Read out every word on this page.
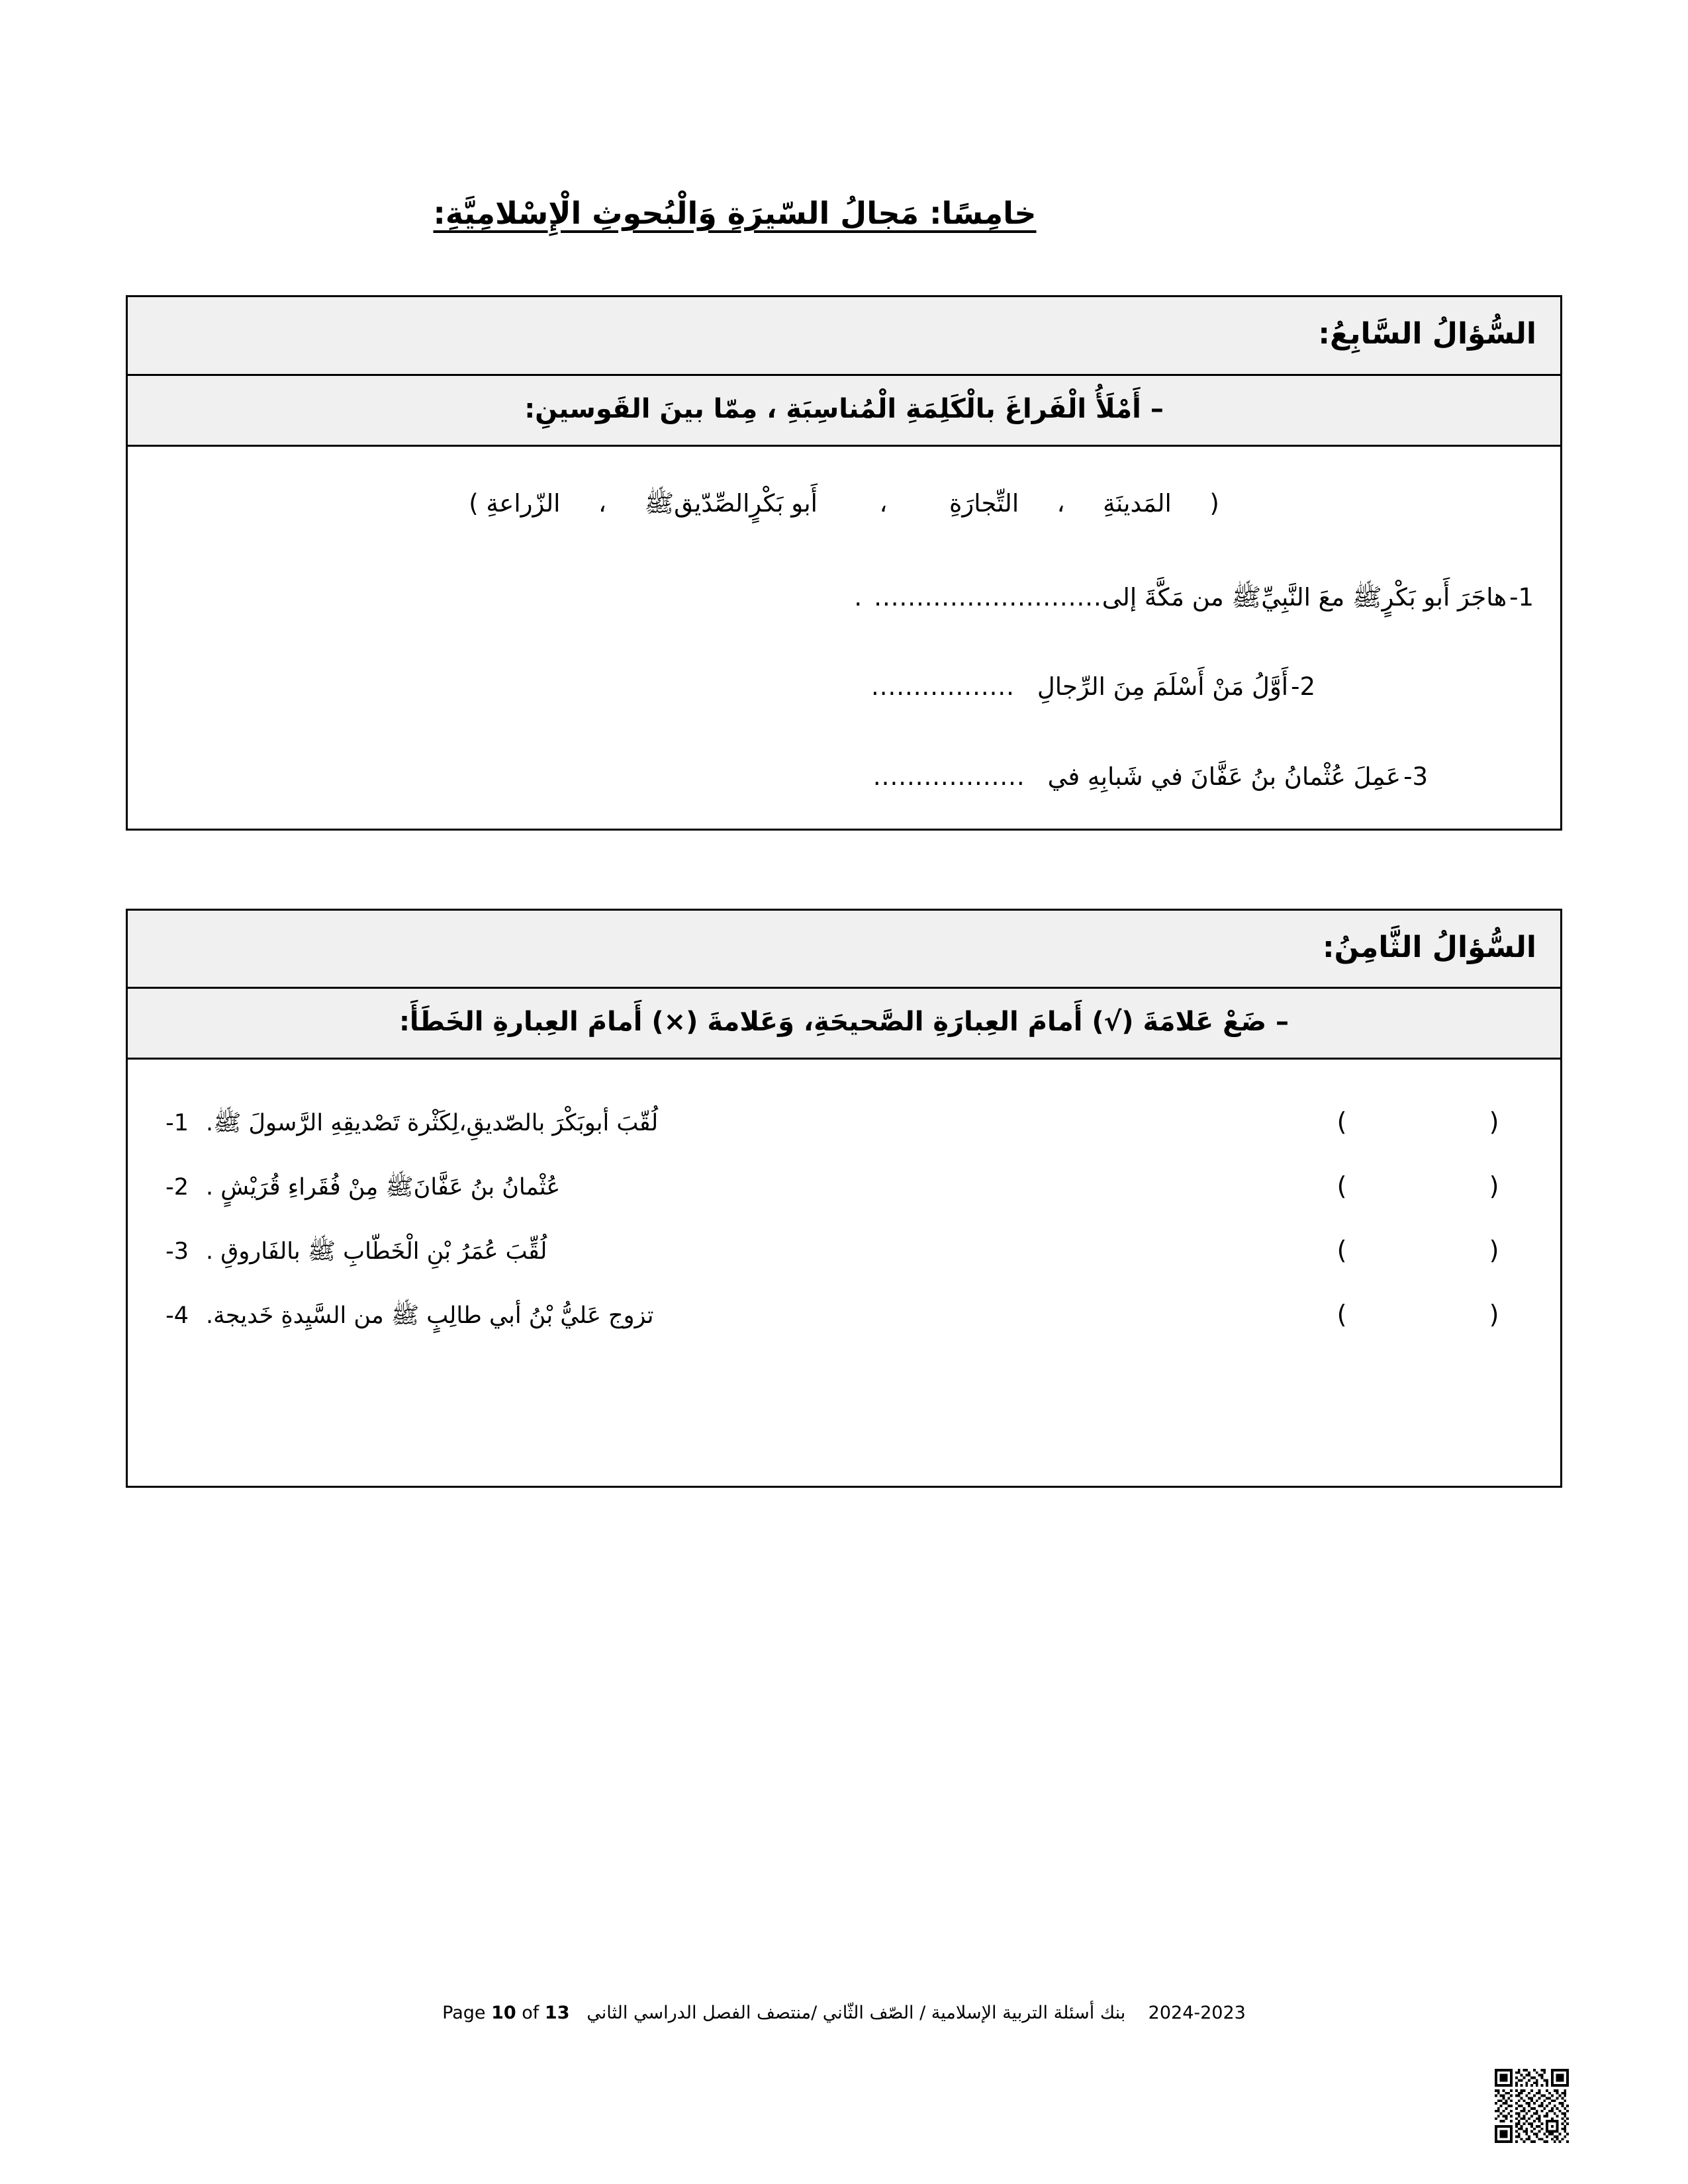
خامِسًا: مَجالُ السّيرَةِ وَالْبُحوثِ الْإِسْلامِيَّةِ:
السُّؤالُ السَّابِعُ:
– أَمْلَأُ الْفَراغَ بالْكَلِمَةِ الْمُناسِبَةِ ، مِمّا بينَ القَوسينِ:
(  المَدينَةِ  ،  التِّجارَةِ  ،  أَبو بَكْرٍالصِّدّيقﷺ  ،  الزّراعةِ )
1-
هاجَرَ أَبو بَكْرٍﷺ معَ النَّبِيِّﷺ من مَكَّةَ إلى
...........................
.
2-
أَوَّلُ مَنْ أَسْلَمَ مِنَ الرِّجالِ
.................
3-
عَمِلَ عُثْمانُ بنُ عَفَّانَ في شَبابِهِ في
..................
السُّؤالُ الثَّامِنُ:
– ضَعْ عَلامَةَ (√) أَمامَ العِبارَةِ الصَّحيحَةِ، وَعَلامةَ (×) أَمامَ العِبارةِ الخَطَأَ:
(
)
لُقّبَ أبوبَكْرَ بالصّديقِ،لِكَثْرة تَصْديقِهِ الرَّسولَ ﷺ.
1-
(
)
عُثْمانُ بنُ عَفَّانَﷺ مِنْ فُقَراءِ قُرَيْشٍ .
2-
(
)
لُقِّبَ عُمَرُ بْنِ الْخَطّابِ ﷺ بالفَاروقِ .
3-
(
)
تزوج عَليُّ بْنُ أبي طالِبٍ ﷺ من السَّيِدةِ خَديجة.
4-
2024-2023    بنك أسئلة التربية الإسلامية / الصّف الثّاني /منتصف الفصل الدراسي الثاني   Page 10 of 13
